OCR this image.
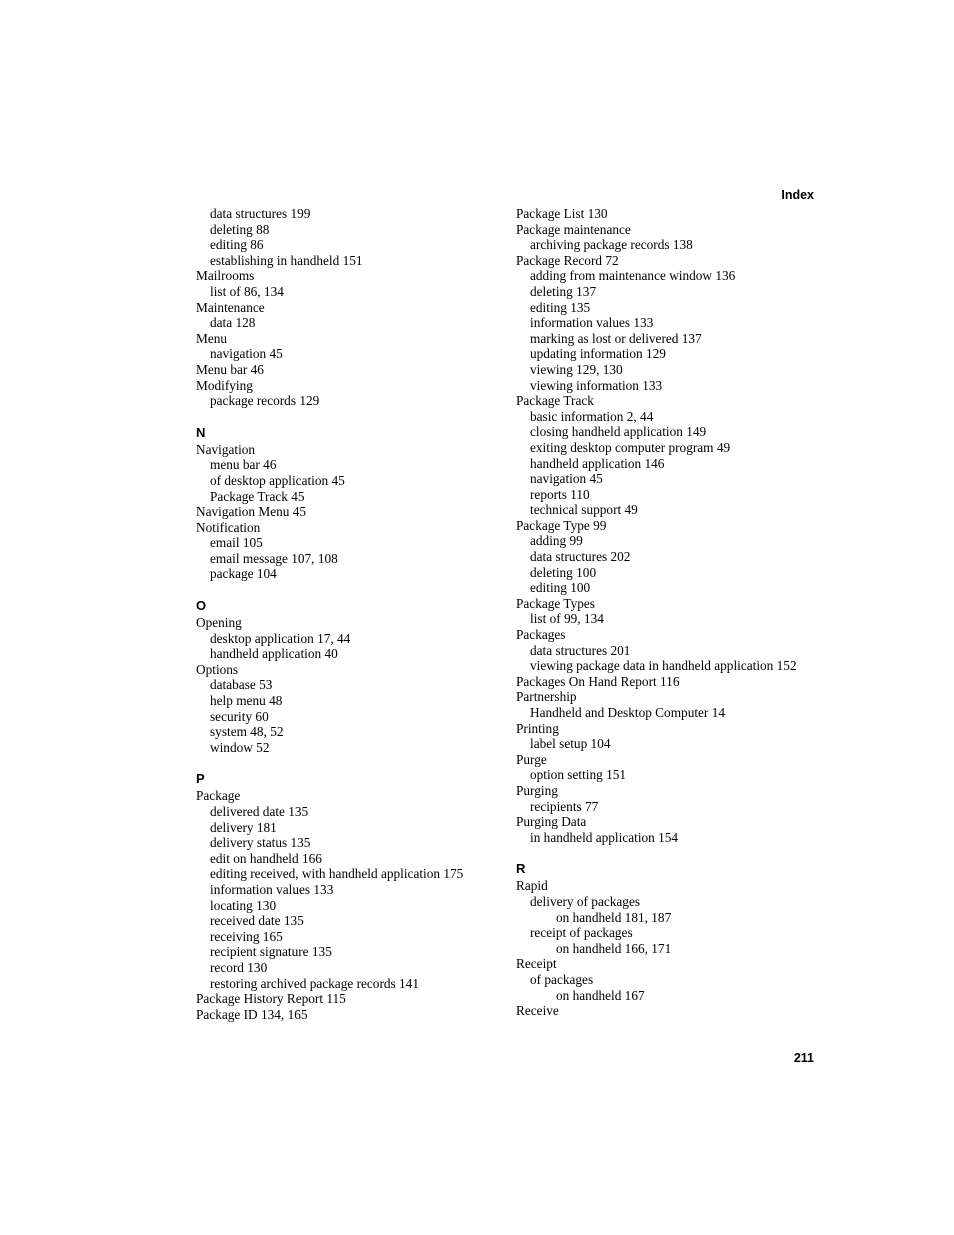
Index
data structures 199
deleting 88
editing 86
establishing in handheld 151
Mailrooms
list of 86, 134
Maintenance
data 128
Menu
navigation 45
Menu bar 46
Modifying
package records 129
N
Navigation
menu bar 46
of desktop application 45
Package Track 45
Navigation Menu 45
Notification
email 105
email message 107, 108
package 104
O
Opening
desktop application 17, 44
handheld application 40
Options
database 53
help menu 48
security 60
system 48, 52
window 52
P
Package
delivered date 135
delivery 181
delivery status 135
edit on handheld 166
editing received, with handheld application 175
information values 133
locating 130
received date 135
receiving 165
recipient signature 135
record 130
restoring archived package records 141
Package History Report 115
Package ID 134, 165
Package List 130
Package maintenance
archiving package records 138
Package Record 72
adding from maintenance window 136
deleting 137
editing 135
information values 133
marking as lost or delivered 137
updating information 129
viewing 129, 130
viewing information 133
Package Track
basic information 2, 44
closing handheld application 149
exiting desktop computer program 49
handheld application 146
navigation 45
reports 110
technical support 49
Package Type 99
adding 99
data structures 202
deleting 100
editing 100
Package Types
list of 99, 134
Packages
data structures 201
viewing package data in handheld application 152
Packages On Hand Report 116
Partnership
Handheld and Desktop Computer 14
Printing
label setup 104
Purge
option setting 151
Purging
recipients 77
Purging Data
in handheld application 154
R
Rapid
delivery of packages
on handheld 181, 187
receipt of packages
on handheld 166, 171
Receipt
of packages
on handheld 167
Receive
211
